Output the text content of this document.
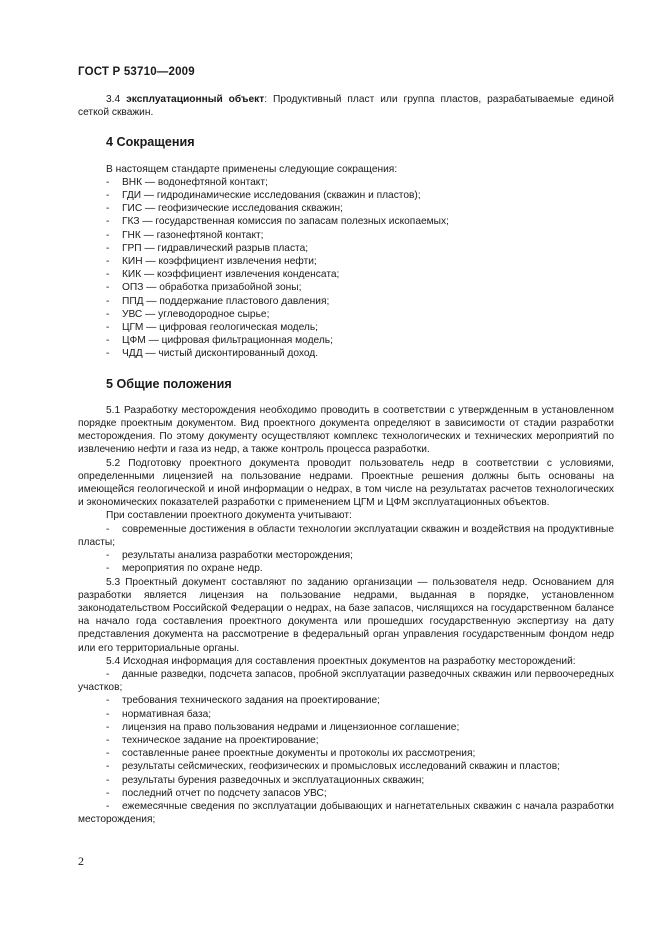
ГОСТ Р 53710—2009

3.4 эксплуатационный объект: Продуктивный пласт или группа пластов, разрабатываемые единой сеткой скважин.

4 Сокращения

В настоящем стандарте применены следующие сокращения:

- ВНК — водонефтяной контакт;
- ГДИ — гидродинамические исследования (скважин и пластов);
- ГИС — геофизические исследования скважин;
- ГКЗ — государственная комиссия по запасам полезных ископаемых;
- ГНК — газонефтяной контакт;
- ГРП — гидравлический разрыв пласта;
- КИН — коэффициент извлечения нефти;
- КИК — коэффициент извлечения конденсата;
- ОПЗ — обработка призабойной зоны;
- ППД — поддержание пластового давления;
- УВС — углеводородное сырье;
- ЦГМ — цифровая геологическая модель;
- ЦФМ — цифровая фильтрационная модель;
- ЧДД — чистый дисконтированный доход.
5 Общие положения

5.1 Разработку месторождения необходимо проводить в соответствии с утвержденным в установленном порядке проектным документом. Вид проектного документа определяют в зависимости от стадии разработки месторождения. По этому документу осуществляют комплекс технологических и технических мероприятий по извлечению нефти и газа из недр, а также контроль процесса разработки.

5.2 Подготовку проектного документа проводит пользователь недр в соответствии с условиями, определенными лицензией на пользование недрами. Проектные решения должны быть основаны на имеющейся геологической и иной информации о недрах, в том числе на результатах расчетов технологических и экономических показателей разработки с применением ЦГМ и ЦФМ эксплуатационных объектов.

При составлении проектного документа учитывают:

- современные достижения в области технологии эксплуатации скважин и воздействия на продуктивные пласты;
- результаты анализа разработки месторождения;
- мероприятия по охране недр.

5.3 Проектный документ составляют по заданию организации — пользователя недр. Основанием для разработки является лицензия на пользование недрами, выданная в порядке, установленном законодательством Российской Федерации о недрах, на базе запасов, числящихся на государственном балансе на начало года составления проектного документа или прошедших государственную экспертизу на дату представления документа на рассмотрение в федеральный орган управления государственным фондом недр или его территориальные органы.

5.4 Исходная информация для составления проектных документов на разработку месторождений:

- данные разведки, подсчета запасов, пробной эксплуатации разведочных скважин или первоочередных участков;
- требования технического задания на проектирование;
- нормативная база;
- лицензия на право пользования недрами и лицензионное соглашение;
- техническое задание на проектирование;
- составленные ранее проектные документы и протоколы их рассмотрения;
- результаты сейсмических, геофизических и промысловых исследований скважин и пластов;
- результаты бурения разведочных и эксплуатационных скважин;
- последний отчет по подсчету запасов УВС;
- ежемесячные сведения по эксплуатации добывающих и нагнетательных скважин с начала разработки месторождения;
2
